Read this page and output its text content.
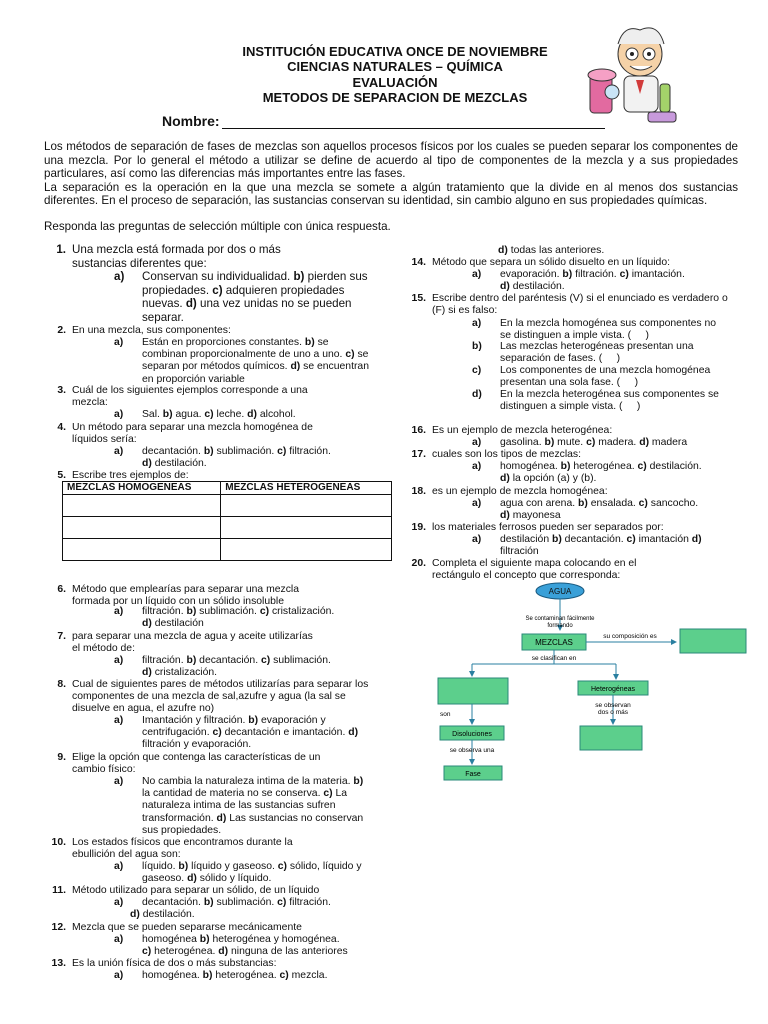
INSTITUCIÓN EDUCATIVA ONCE DE NOVIEMBRE
CIENCIAS NATURALES – QUÍMICA
EVALUACIÓN
METODOS DE SEPARACION DE MEZCLAS
Nombre:

Los métodos de separación de fases de mezclas son aquellos procesos físicos por los cuales se pueden separar los componentes de una mezcla. Por lo general el método a utilizar se define de acuerdo al tipo de componentes de la mezcla y a sus propiedades particulares, así como las diferencias más importantes entre las fases.

La separación es la operación en la que una mezcla se somete a algún tratamiento que la divide en al menos dos sustancias diferentes. En el proceso de separación, las sustancias conservan su identidad, sin cambio alguno en sus propiedades químicas.

Responda las preguntas de selección múltiple con única respuesta.
1. Una mezcla está formada por dos o más
sustancias diferentes que:
a) Conservan su individualidad. b) pierden sus propiedades. c) adquieren propiedades nuevas. d) una vez unidas no se pueden separar.
2. En una mezcla, sus componentes:
a) Están en proporciones constantes. b) se combinan proporcionalmente de uno a uno. c) se separan por métodos químicos. d) se encuentran en proporción variable
3. Cuál de los siguientes ejemplos corresponde a una
mezcla:
a) Sal. b) agua. c) leche. d) alcohol.
4. Un método para separar una mezcla homogénea de
líquidos sería:
a) decantación. b) sublimación. c) filtración.
d) destilación.
5. Escribe tres ejemplos de:
MEZCLAS HOMOGENEAS	MEZCLAS HETEROGENEAS

6. Método que emplearías para separar una mezcla
formada por un líquido con un sólido insoluble
a) filtración. b) sublimación. c) cristalización.
d) destilación
7. para separar una mezcla de agua y aceite utilizarías
el método de:
a) filtración. b) decantación. c) sublimación.
d) cristalización.
8. Cual de siguientes pares de métodos utilizarías para separar los componentes de una mezcla de sal,azufre y agua (la sal se disuelve en agua, el azufre no)
a) Imantación y filtración. b) evaporación y centrifugación. c) decantación e imantación. d) filtración y evaporación.
9. Elige la opción que contenga las características de un
cambio físico:
a) No cambia la naturaleza intima de la materia. b) la cantidad de materia no se conserva. c) La naturaleza intima de las sustancias sufren transformación. d) Las sustancias no conservan sus propiedades.
10. Los estados físicos que encontramos durante la
ebullición del agua son:
a) líquido. b) líquido y gaseoso. c) sólido, líquido y gaseoso. d) sólido y líquido.
11. Método utilizado para separar un sólido, de un líquido
a) decantación. b) sublimación. c) filtración.
d) destilación.
12. Mezcla que se pueden separarse mecánicamente
a) homogénea b) heterogénea y homogénea.
c) heterogénea. d) ninguna de las anteriores
13. Es la unión física de dos o más substancias:
a) homogénea. b) heterogénea. c) mezcla.
d) todas las anteriores.
14. Método que separa un sólido disuelto en un líquido:
a) evaporación. b) filtración. c) imantación.
d) destilación.
15. Escribe dentro del paréntesis (V) si el enunciado es verdadero o (F) si es falso:
a) En la mezcla homogénea sus componentes no se distinguen a imple vista. (     )
b) Las mezclas heterogéneas presentan una separación de fases. (     )
c) Los componentes de una mezcla homogénea presentan una sola fase. (     )
d) En la mezcla heterogénea sus componentes se distinguen a simple vista. (     )
16. Es un ejemplo de mezcla heterogénea:
a) gasolina. b) mute. c) madera. d) madera
17. cuales son los tipos de mezclas:
a) homogénea. b) heterogénea. c) destilación.
d) la opción (a) y (b).
18. es un ejemplo de mezcla homogénea:
a) agua con arena. b) ensalada. c) sancocho.
d) mayonesa
19. los materiales ferrosos pueden ser separados por:
a) destilación b) decantación. c) imantación d)
filtración
20. Completa el siguiente mapa colocando en el
rectángulo el concepto que corresponda:
AGUA
Se contaminan fácilmente
formando
MEZCLAS
su composición es
se clasifican en
Heterogéneas
son
se observan
dos o más
Disoluciones
se observa una
Fase
